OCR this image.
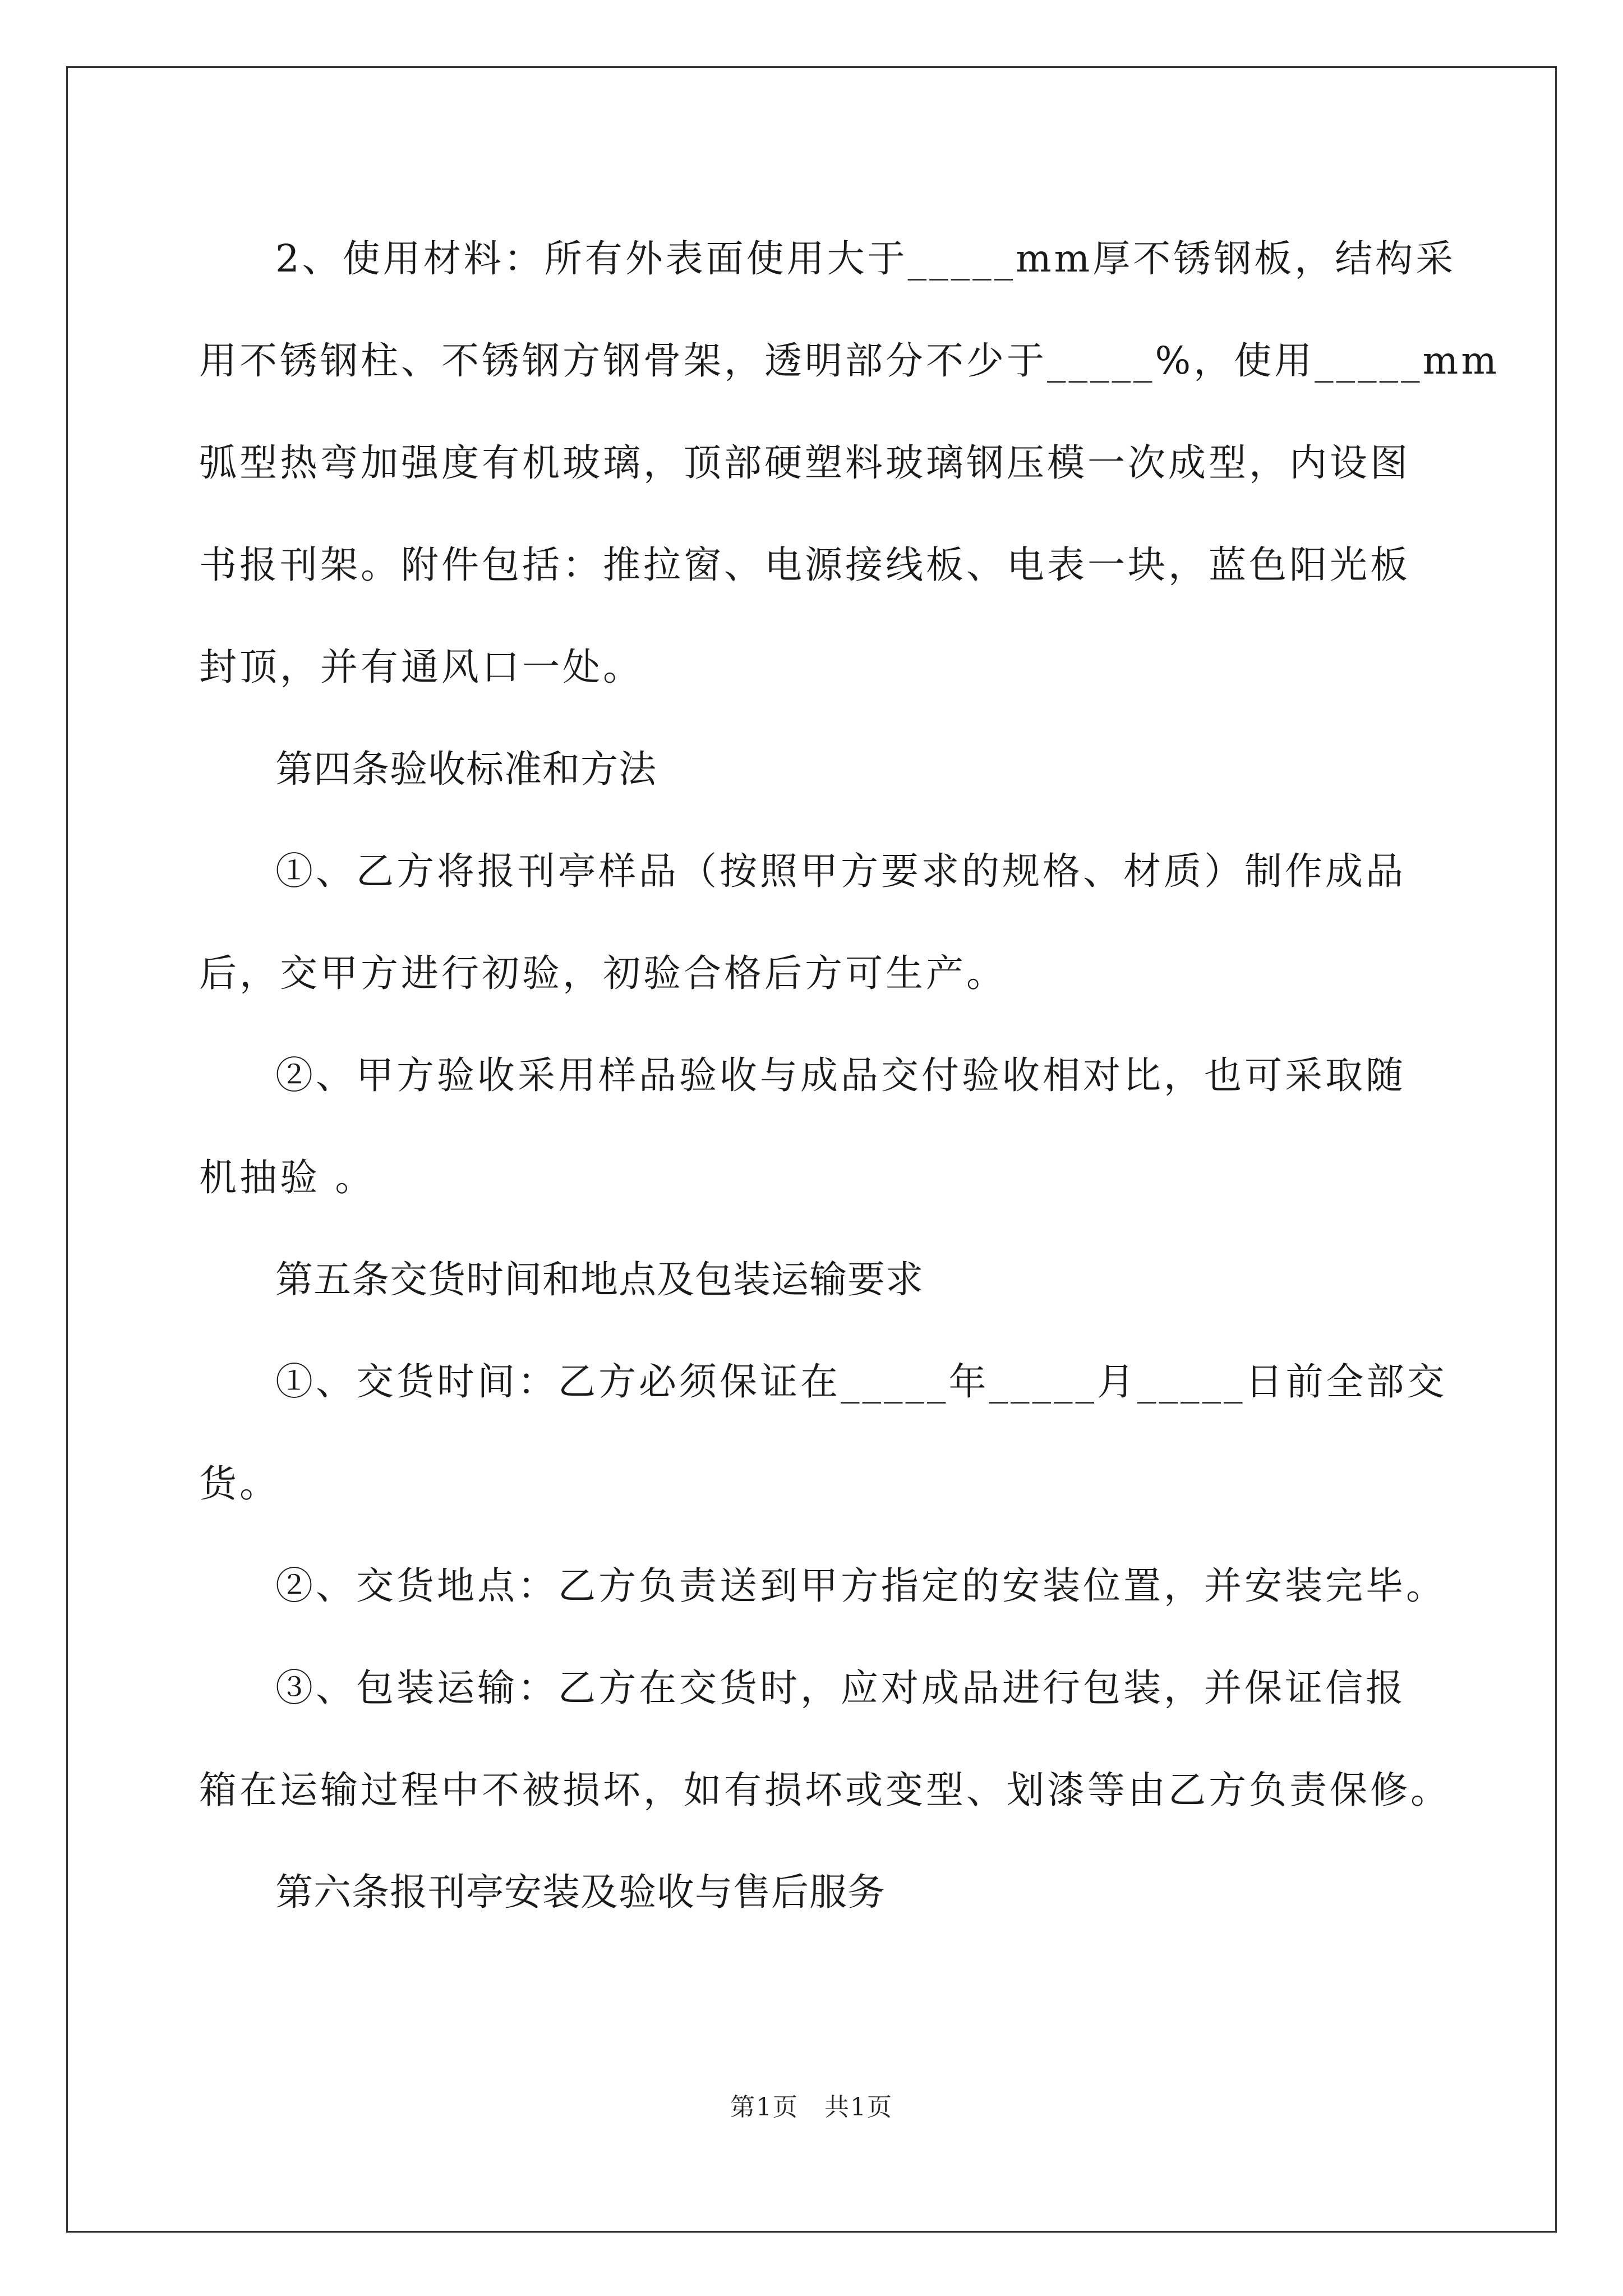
2、使用材料：所有外表面使用大于_____mm厚不锈钢板，结构采
用不锈钢柱、不锈钢方钢骨架，透明部分不少于_____%，使用_____mm
弧型热弯加强度有机玻璃，顶部硬塑料玻璃钢压模一次成型，内设图
书报刊架。附件包括：推拉窗、电源接线板、电表一块，蓝色阳光板
封顶，并有通风口一处。

第四条验收标准和方法

①、乙方将报刊亭样品（按照甲方要求的规格、材质）制作成品
后，交甲方进行初验，初验合格后方可生产。

②、甲方验收采用样品验收与成品交付验收相对比，也可采取随
机抽验 。

第五条交货时间和地点及包装运输要求

①、交货时间：乙方必须保证在_____年_____月_____日前全部交
货。

②、交货地点：乙方负责送到甲方指定的安装位置，并安装完毕。

③、包装运输：乙方在交货时，应对成品进行包装，并保证信报
箱在运输过程中不被损坏，如有损坏或变型、划漆等由乙方负责保修。

第六条报刊亭安装及验收与售后服务

第1页　共1页
